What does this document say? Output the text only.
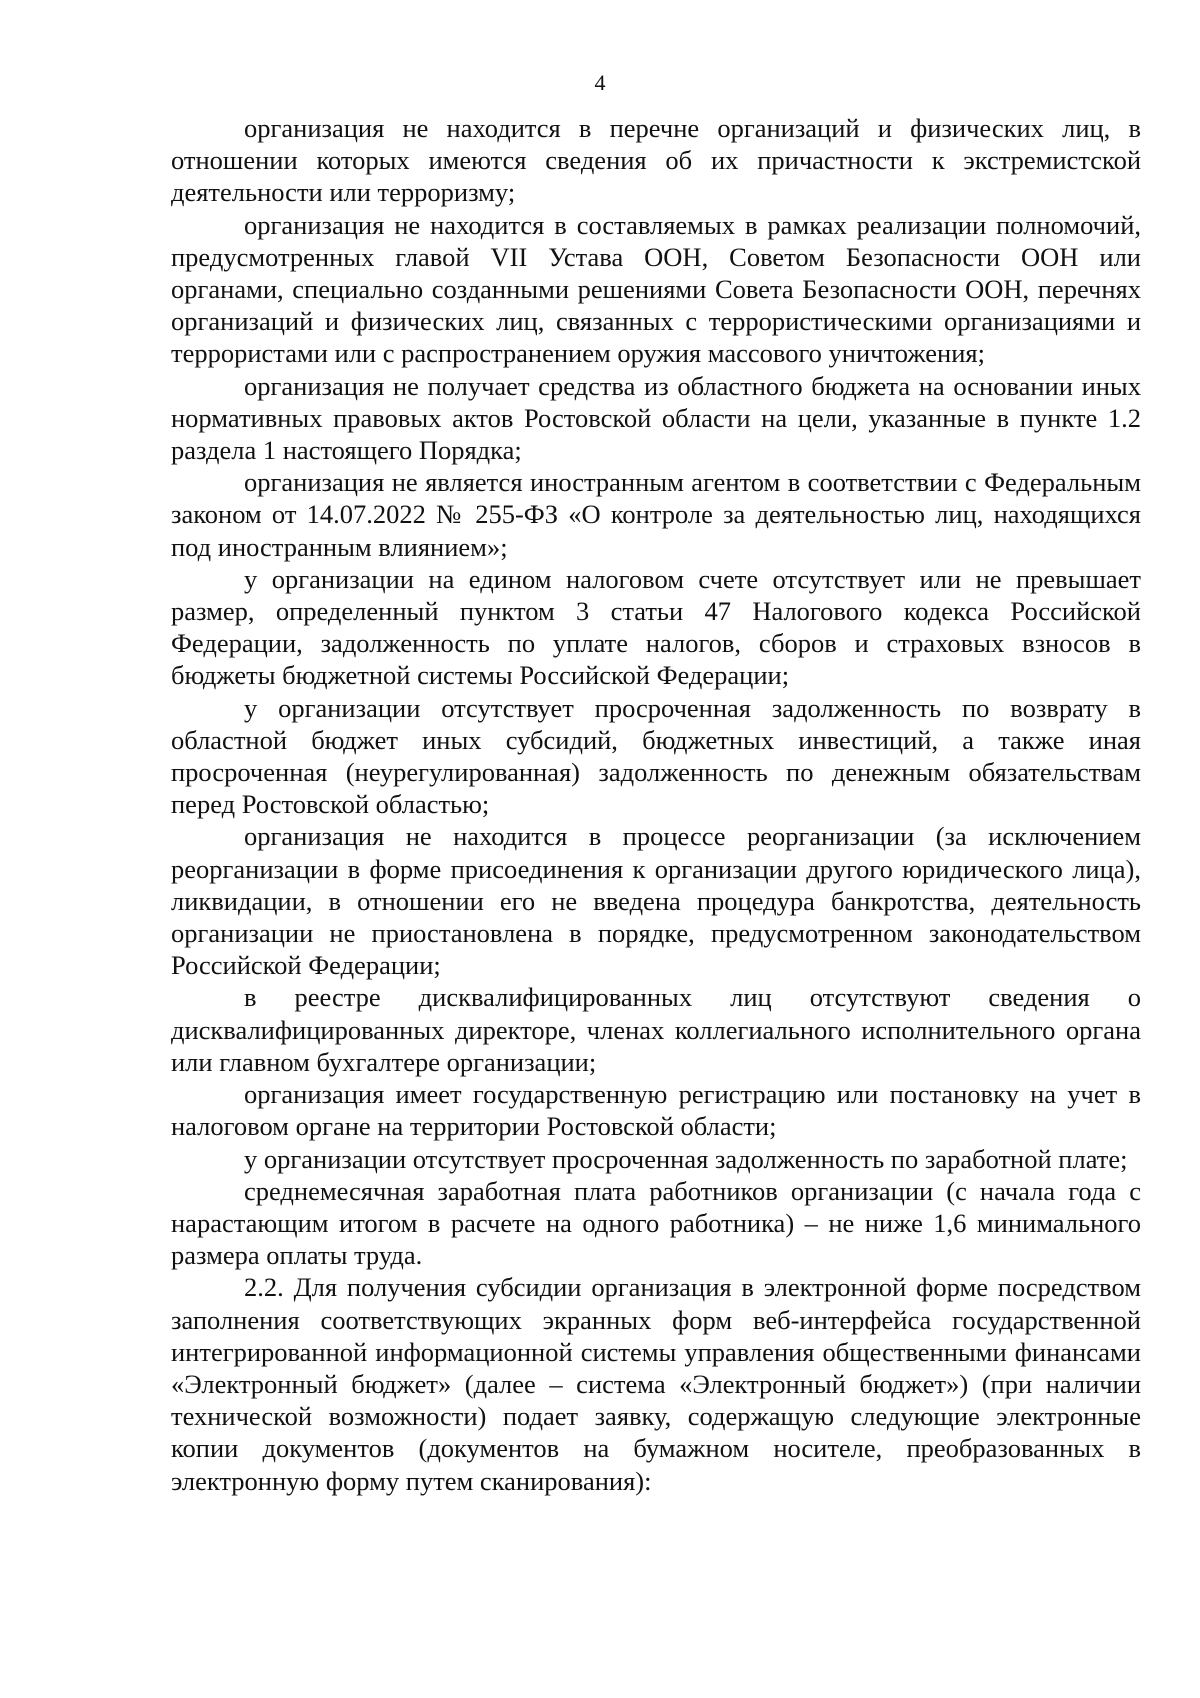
4

организация не находится в перечне организаций и физических лиц, в отношении которых имеются сведения об их причастности к экстремистской деятельности или терроризму;

организация не находится в составляемых в рамках реализации полномочий, предусмотренных главой VII Устава ООН, Советом Безопасности ООН или органами, специально созданными решениями Совета Безопасности ООН, перечнях организаций и физических лиц, связанных с террористическими организациями и террористами или с распространением оружия массового уничтожения;

организация не получает средства из областного бюджета на основании иных нормативных правовых актов Ростовской области на цели, указанные в пункте 1.2 раздела 1 настоящего Порядка;

организация не является иностранным агентом в соответствии с Федеральным законом от 14.07.2022 № 255-ФЗ «О контроле за деятельностью лиц, находящихся под иностранным влиянием»;

у организации на едином налоговом счете отсутствует или не превышает размер, определенный пунктом 3 статьи 47 Налогового кодекса Российской Федерации, задолженность по уплате налогов, сборов и страховых взносов в бюджеты бюджетной системы Российской Федерации;

у организации отсутствует просроченная задолженность по возврату в областной бюджет иных субсидий, бюджетных инвестиций, а также иная просроченная (неурегулированная) задолженность по денежным обязательствам перед Ростовской областью;

организация не находится в процессе реорганизации (за исключением реорганизации в форме присоединения к организации другого юридического лица), ликвидации, в отношении его не введена процедура банкротства, деятельность организации не приостановлена в порядке, предусмотренном законодательством Российской Федерации;

в реестре дисквалифицированных лиц отсутствуют сведения о дисквалифицированных директоре, членах коллегиального исполнительного органа или главном бухгалтере организации;

организация имеет государственную регистрацию или постановку на учет в налоговом органе на территории Ростовской области;

у организации отсутствует просроченная задолженность по заработной плате;

среднемесячная заработная плата работников организации (с начала года с нарастающим итогом в расчете на одного работника) – не ниже 1,6 минимального размера оплаты труда.

2.2. Для получения субсидии организация в электронной форме посредством заполнения соответствующих экранных форм веб-интерфейса государственной интегрированной информационной системы управления общественными финансами «Электронный бюджет» (далее – система «Электронный бюджет») (при наличии технической возможности) подает заявку, содержащую следующие электронные копии документов (документов на бумажном носителе, преобразованных в электронную форму путем сканирования):
